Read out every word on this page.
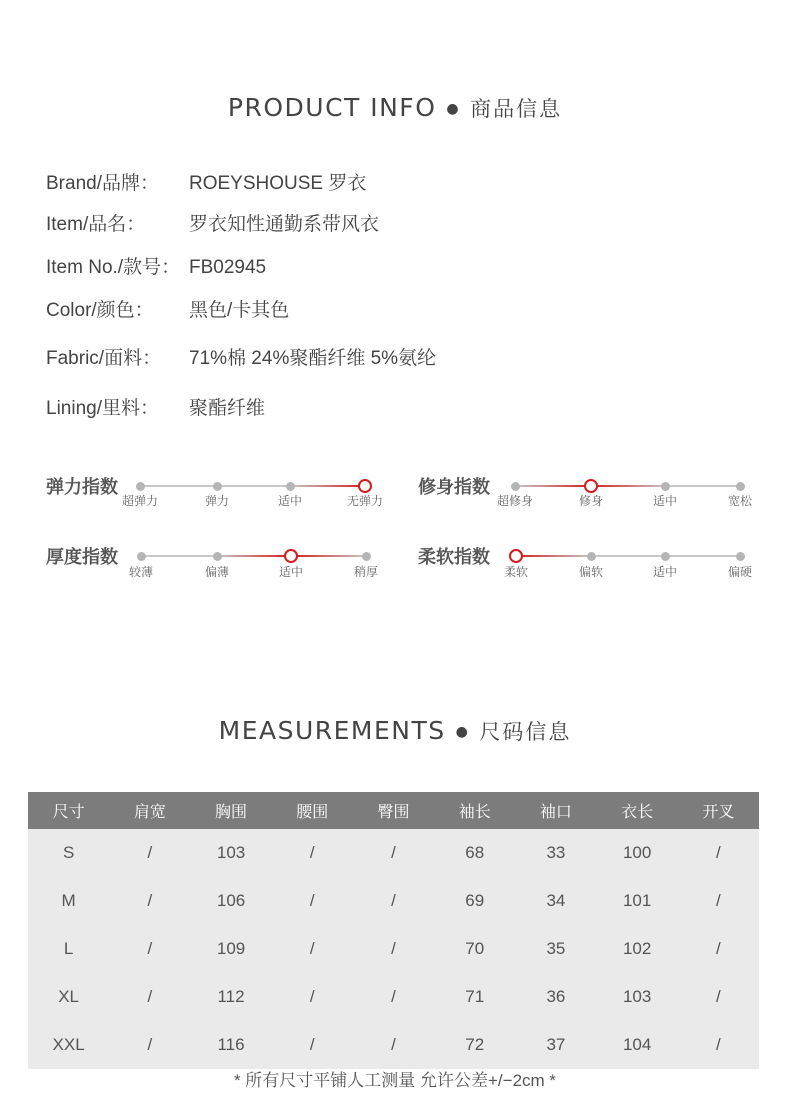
PRODUCT INFO ● 商品信息
Brand/品牌： ROEYSHOUSE 罗衣
Item/品名： 罗衣知性通勤系带风衣
Item No./款号： FB02945
Color/颜色： 黑色/卡其色
Fabric/面料： 71%棉 24%聚酯纤维 5%氨纶
Lining/里料： 聚酯纤维
弹力指数
超弹力	弹力	适中	无弹力
修身指数
超修身	修身	适中	宽松
厚度指数
较薄	偏薄	适中	稍厚
柔软指数
柔软	偏软	适中	偏硬
MEASUREMENTS ● 尺码信息
尺寸	肩宽	胸围	腰围	臀围	袖长	袖口	衣长	开叉
S	/	103	/	/	68	33	100	/
M	/	106	/	/	69	34	101	/
L	/	109	/	/	70	35	102	/
XL	/	112	/	/	71	36	103	/
XXL	/	116	/	/	72	37	104	/
* 所有尺寸平铺人工测量 允许公差+/−2cm *
